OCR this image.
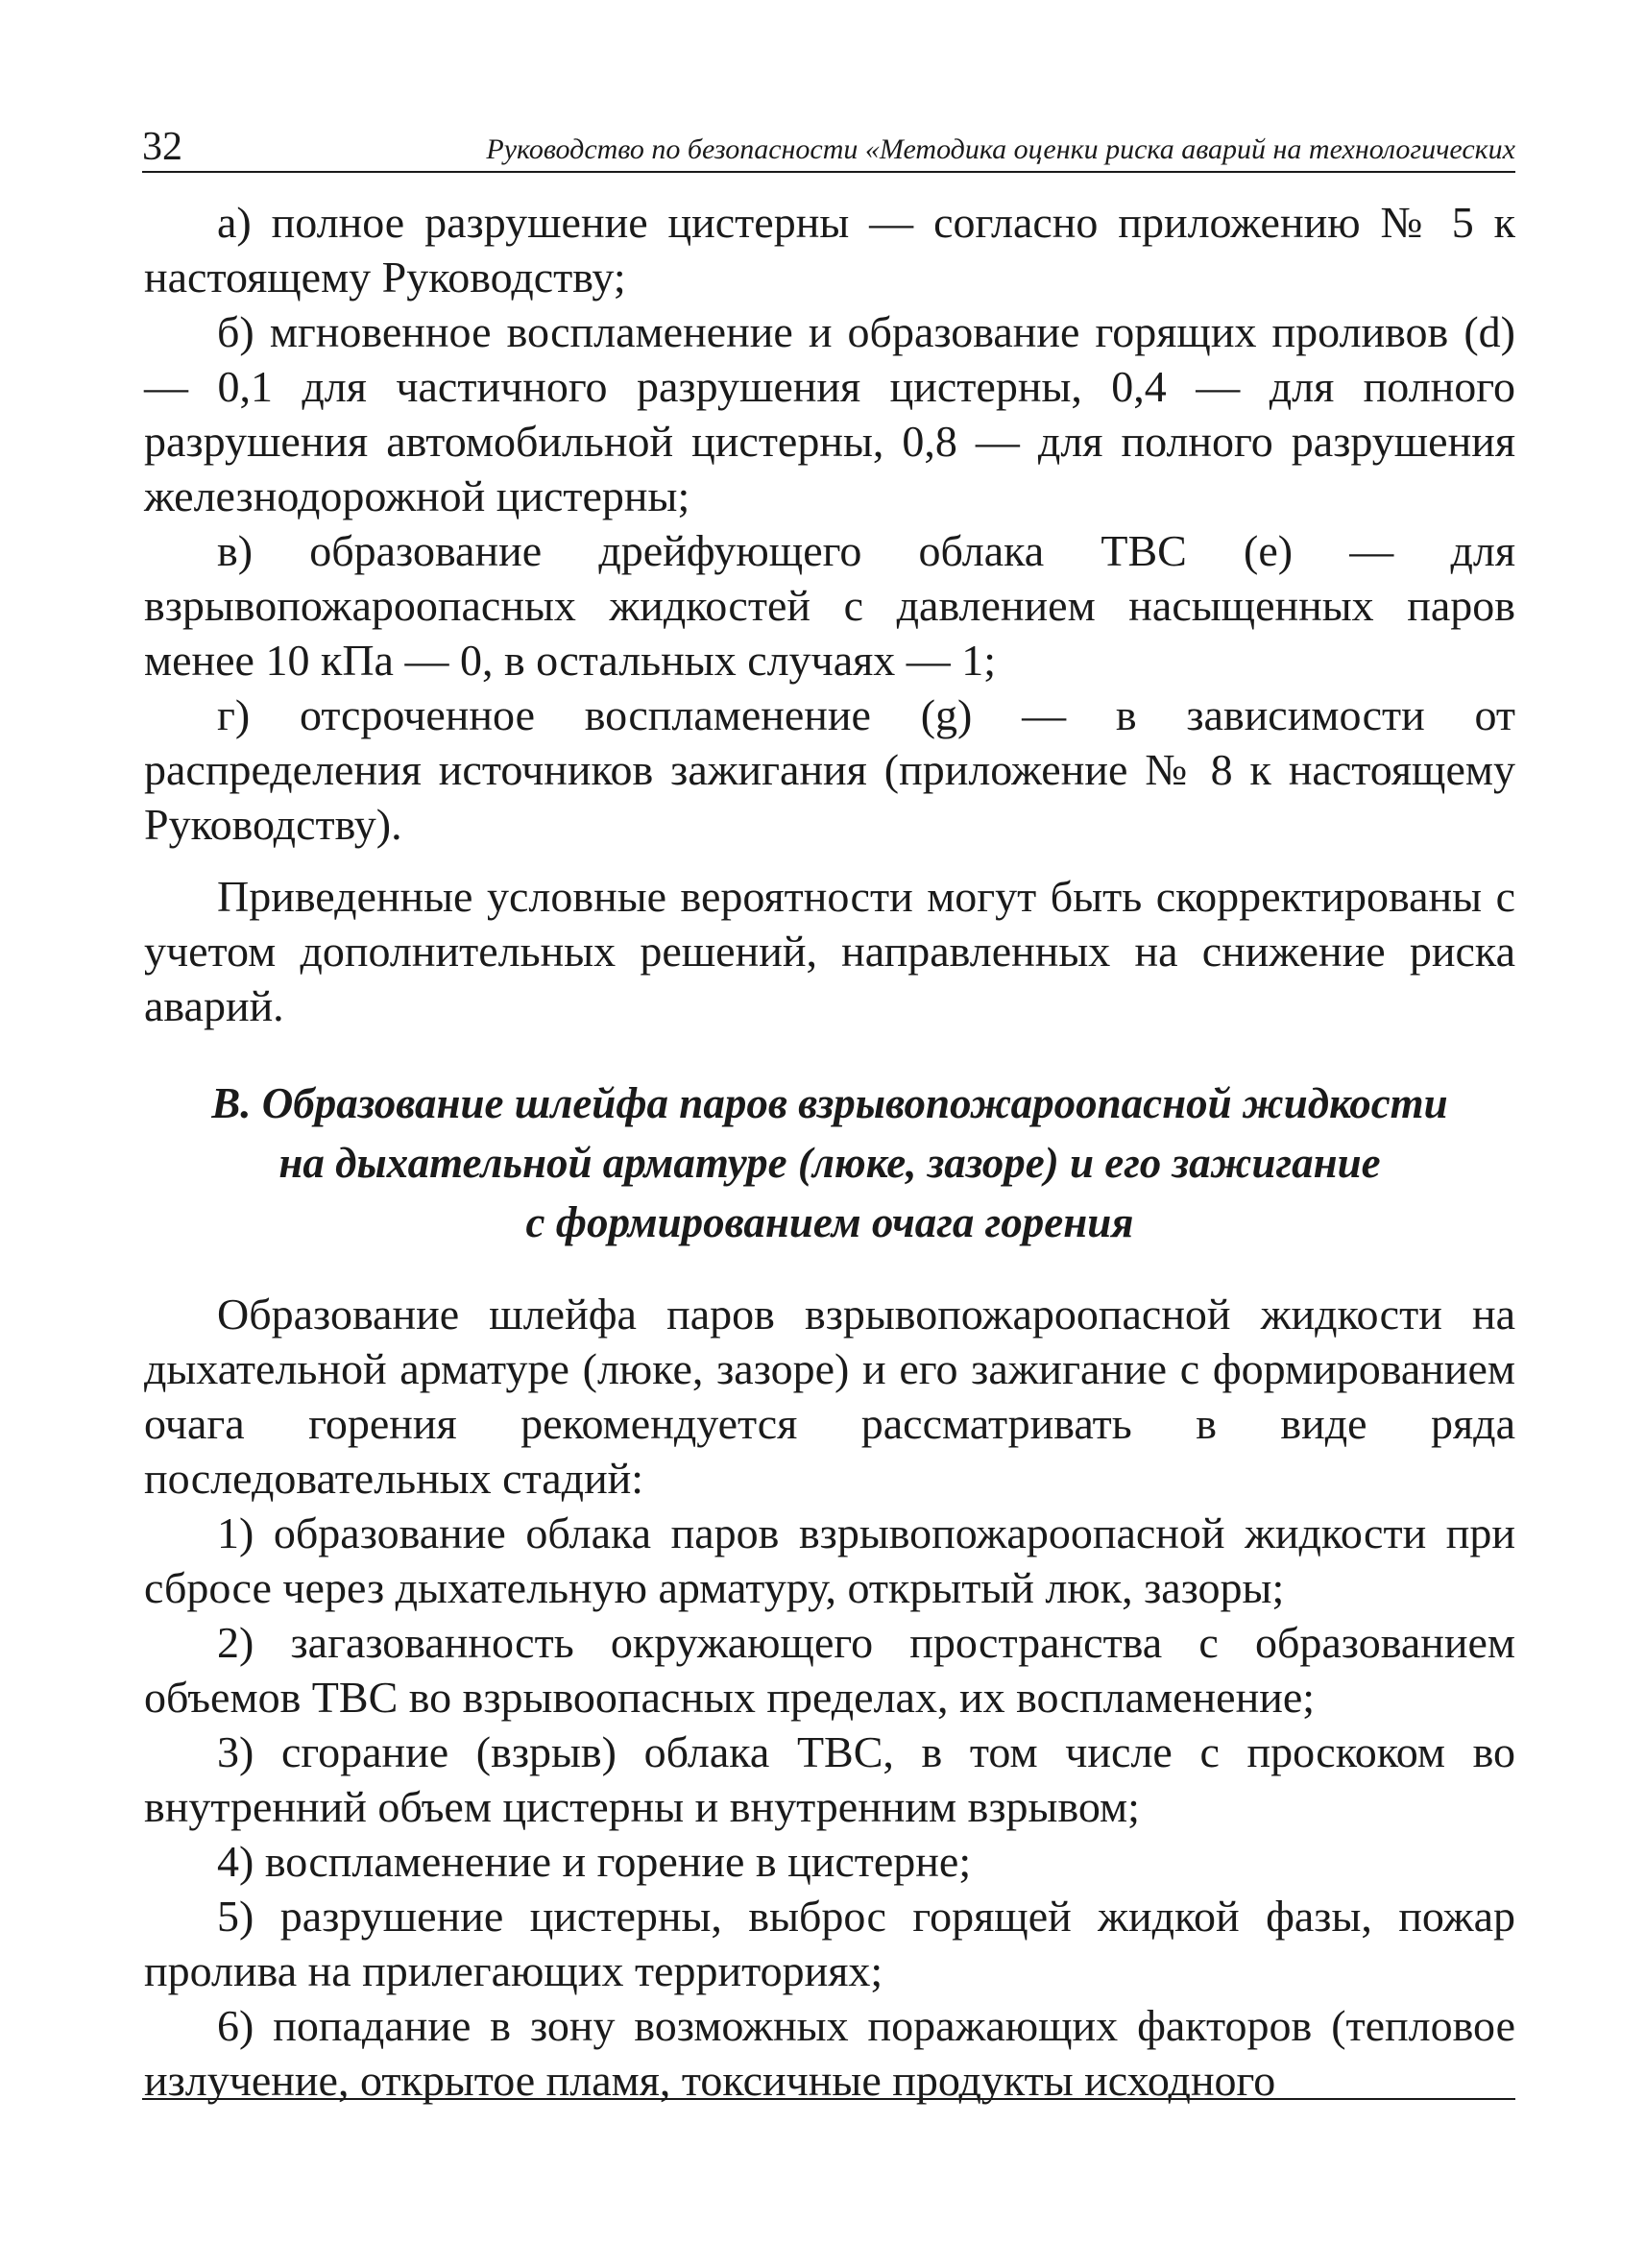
32	Руководство по безопасности «Методика оценки риска аварий на технологических

а) полное разрушение цистерны — согласно приложению № 5 к настоящему Руководству;

б) мгновенное воспламенение и образование горящих проливов (d) — 0,1 для частичного разрушения цистерны, 0,4 — для полного разрушения автомобильной цистерны, 0,8 — для полного разрушения железнодорожной цистерны;

в) образование дрейфующего облака ТВС (e) — для взрывопожароопасных жидкостей с давлением насыщенных паров менее 10 кПа — 0, в остальных случаях — 1;

г) отсроченное воспламенение (g) — в зависимости от распределения источников зажигания (приложение № 8 к настоящему Руководству).

Приведенные условные вероятности могут быть скорректированы с учетом дополнительных решений, направленных на снижение риска аварий.

В. Образование шлейфа паров взрывопожароопасной жидкости
на дыхательной арматуре (люке, зазоре) и его зажигание
с формированием очага горения

Образование шлейфа паров взрывопожароопасной жидкости на дыхательной арматуре (люке, зазоре) и его зажигание с формированием очага горения рекомендуется рассматривать в виде ряда последовательных стадий:

1) образование облака паров взрывопожароопасной жидкости при сбросе через дыхательную арматуру, открытый люк, зазоры;

2) загазованность окружающего пространства с образованием объемов ТВС во взрывоопасных пределах, их воспламенение;

3) сгорание (взрыв) облака ТВС, в том числе с проскоком во внутренний объем цистерны и внутренним взрывом;

4) воспламенение и горение в цистерне;

5) разрушение цистерны, выброс горящей жидкой фазы, пожар пролива на прилегающих территориях;

6) попадание в зону возможных поражающих факторов (тепловое излучение, открытое пламя, токсичные продукты исходного
